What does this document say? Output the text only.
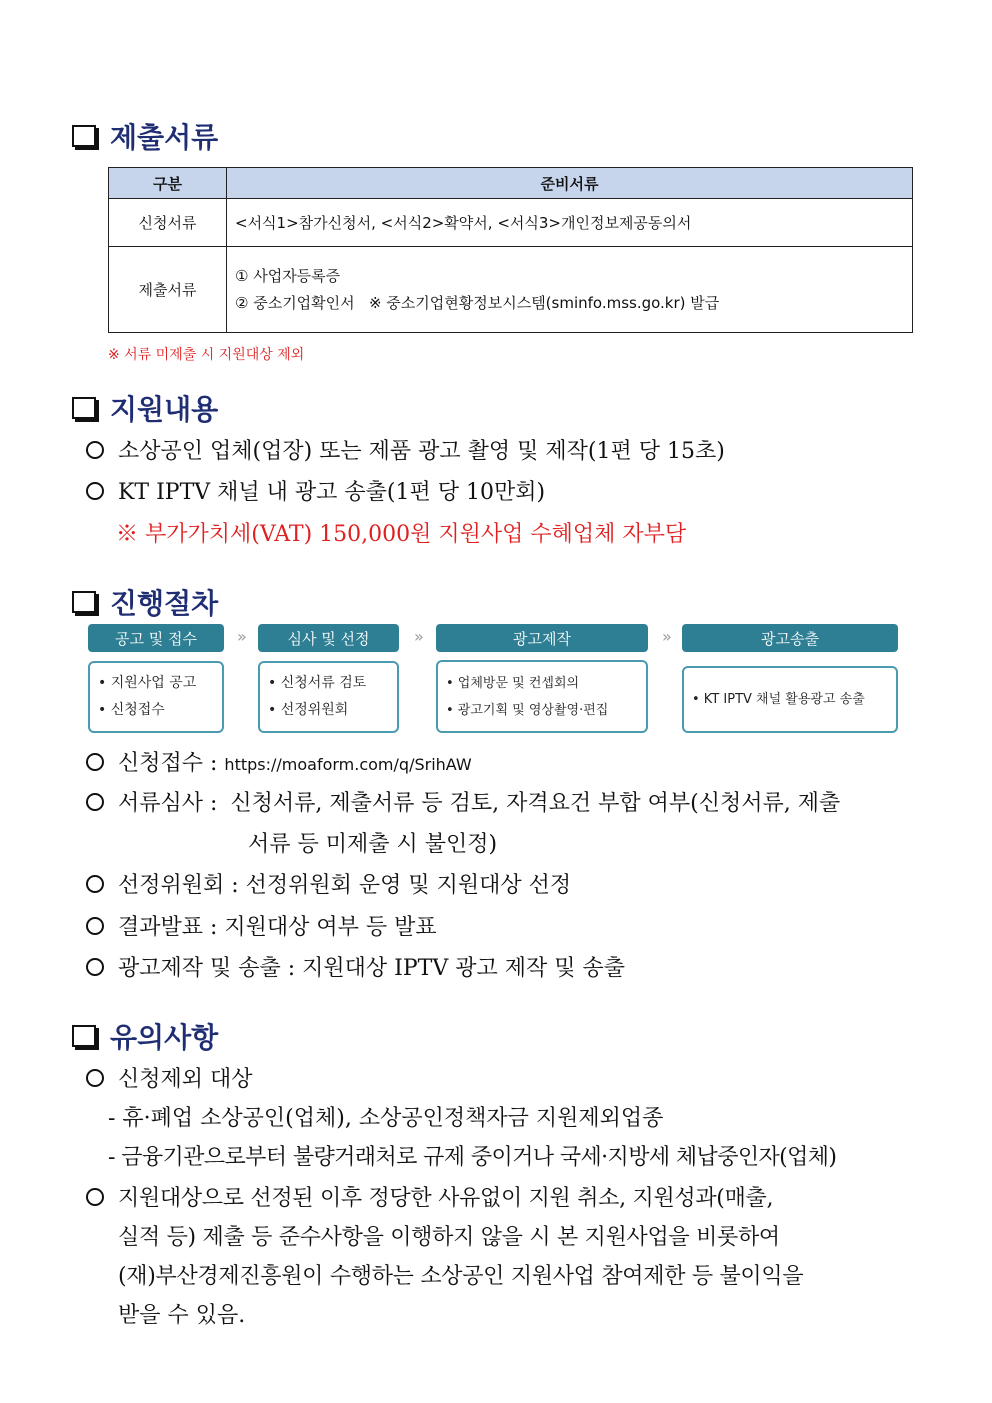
제출서류
구분	준비서류
신청서류	<서식1>참가신청서, <서식2>확약서, <서식3>개인정보제공동의서
제출서류	① 사업자등록증
② 중소기업확인서   ※ 중소기업현황정보시스템(sminfo.mss.go.kr) 발급
※ 서류 미제출 시 지원대상 제외
지원내용
소상공인 업체(업장) 또는 제품 광고 촬영 및 제작(1편 당 15초)
KT IPTV 채널 내 광고 송출(1편 당 10만회)
※ 부가가치세(VAT) 150,000원 지원사업 수혜업체 자부담
진행절차
공고 및 접수	»	심사 및 선정	»	광고제작	»	광고송출
• 지원사업 공고
• 신청접수
• 신청서류 검토
• 선정위원회
• 업체방문 및 컨셉회의
• 광고기획 및 영상촬영·편집
• KT IPTV 채널 활용광고 송출
신청접수 : https://moaform.com/q/SrihAW
서류심사 : 신청서류, 제출서류 등 검토, 자격요건 부합 여부(신청서류, 제출
서류 등 미제출 시 불인정)
선정위원회 : 선정위원회 운영 및 지원대상 선정
결과발표 : 지원대상 여부 등 발표
광고제작 및 송출 : 지원대상 IPTV 광고 제작 및 송출
유의사항
신청제외 대상
- 휴·폐업 소상공인(업체), 소상공인정책자금 지원제외업종
- 금융기관으로부터 불량거래처로 규제 중이거나 국세·지방세 체납중인자(업체)
지원대상으로 선정된 이후 정당한 사유없이 지원 취소, 지원성과(매출,
실적 등) 제출 등 준수사항을 이행하지 않을 시 본 지원사업을 비롯하여
(재)부산경제진흥원이 수행하는 소상공인 지원사업 참여제한 등 불이익을
받을 수 있음.
